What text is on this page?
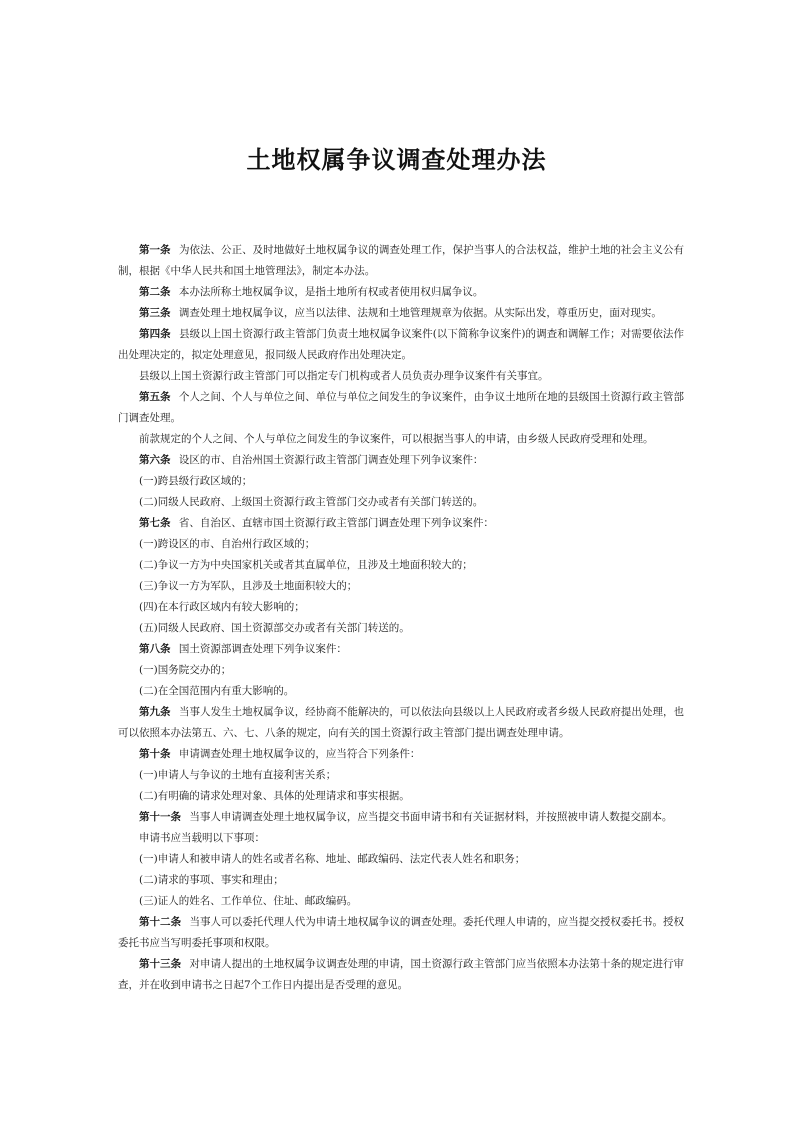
土地权属争议调查处理办法

第一条 为依法、公正、及时地做好土地权属争议的调查处理工作，保护当事人的合法权益，维护土地的社会主义公有制，根据《中华人民共和国土地管理法》，制定本办法。

第二条 本办法所称土地权属争议，是指土地所有权或者使用权归属争议。

第三条 调查处理土地权属争议，应当以法律、法规和土地管理规章为依据。从实际出发，尊重历史，面对现实。

第四条 县级以上国土资源行政主管部门负责土地权属争议案件(以下简称争议案件)的调查和调解工作；对需要依法作出处理决定的，拟定处理意见，报同级人民政府作出处理决定。

县级以上国土资源行政主管部门可以指定专门机构或者人员负责办理争议案件有关事宜。

第五条 个人之间、个人与单位之间、单位与单位之间发生的争议案件，由争议土地所在地的县级国土资源行政主管部门调查处理。

前款规定的个人之间、个人与单位之间发生的争议案件，可以根据当事人的申请，由乡级人民政府受理和处理。

第六条 设区的市、自治州国土资源行政主管部门调查处理下列争议案件：

(一)跨县级行政区域的；

(二)同级人民政府、上级国土资源行政主管部门交办或者有关部门转送的。

第七条 省、自治区、直辖市国土资源行政主管部门调查处理下列争议案件：

(一)跨设区的市、自治州行政区域的；

(二)争议一方为中央国家机关或者其直属单位，且涉及土地面积较大的；

(三)争议一方为军队，且涉及土地面积较大的；

(四)在本行政区域内有较大影响的；

(五)同级人民政府、国土资源部交办或者有关部门转送的。

第八条 国土资源部调查处理下列争议案件：

(一)国务院交办的；

(二)在全国范围内有重大影响的。

第九条 当事人发生土地权属争议，经协商不能解决的，可以依法向县级以上人民政府或者乡级人民政府提出处理，也可以依照本办法第五、六、七、八条的规定，向有关的国土资源行政主管部门提出调查处理申请。

第十条 申请调查处理土地权属争议的，应当符合下列条件：

(一)申请人与争议的土地有直接利害关系；

(二)有明确的请求处理对象、具体的处理请求和事实根据。

第十一条 当事人申请调查处理土地权属争议，应当提交书面申请书和有关证据材料，并按照被申请人数提交副本。

申请书应当载明以下事项：

(一)申请人和被申请人的姓名或者名称、地址、邮政编码、法定代表人姓名和职务；

(二)请求的事项、事实和理由；

(三)证人的姓名、工作单位、住址、邮政编码。

第十二条 当事人可以委托代理人代为申请土地权属争议的调查处理。委托代理人申请的，应当提交授权委托书。授权委托书应当写明委托事项和权限。

第十三条 对申请人提出的土地权属争议调查处理的申请，国土资源行政主管部门应当依照本办法第十条的规定进行审查，并在收到申请书之日起7个工作日内提出是否受理的意见。
